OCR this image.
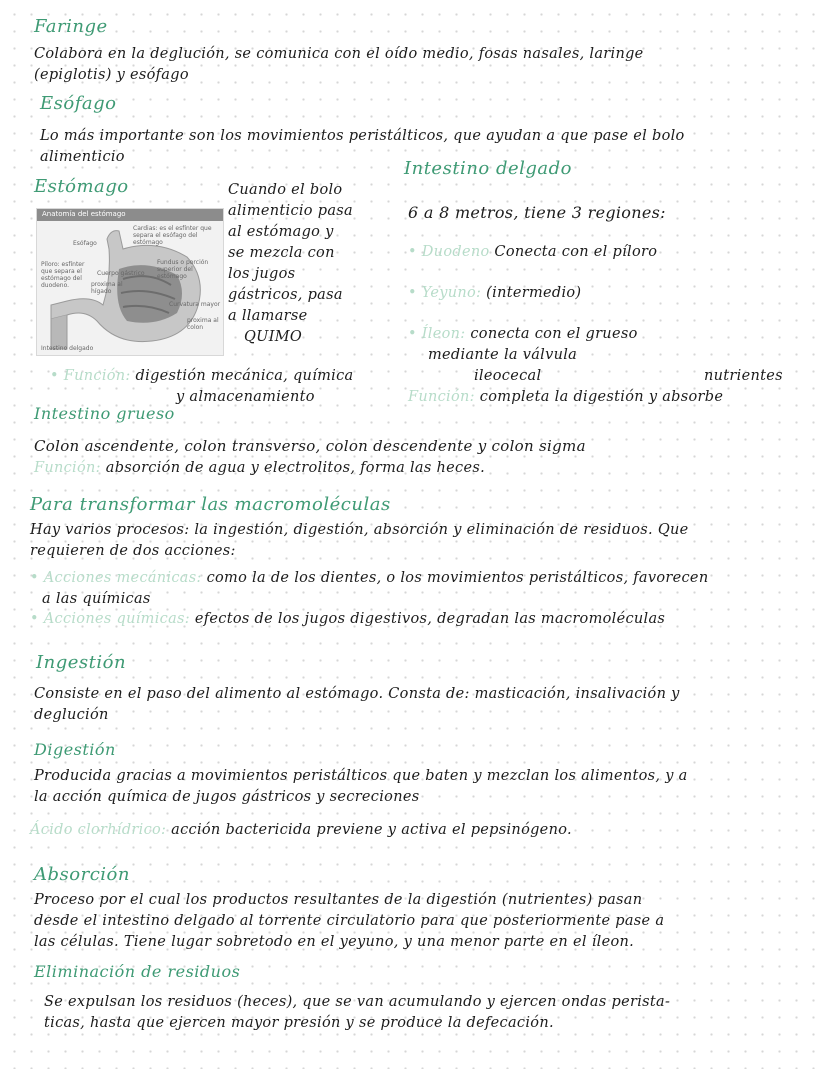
Faringe
Colabora en la deglución, se comunica con el oído medio, fosas nasales, laringe
(epiglotis) y esófago
Esófago
Lo más importante son los movimientos peristálticos, que ayudan a que pase el bolo
alimenticio
Estómago
Anatomía del estómago
Cardias: es el esfínter que separa el esófago del estómago
Esófago
Fundus o porción superior del estómago
Cuerpo gástrico
Píloro: esfínter que separa el estómago del duodeno.	proxima al hígado
proxima al colon
Curvatura mayor
Intestino delgado
Cuando el bolo
alimenticio pasa
al estómago y
se mezcla con
los jugos
gástricos, pasa
a llamarse
QUIMO
• Función: digestión mecánica, química
y almacenamiento
Intestino delgado
6 a 8 metros, tiene 3 regiones:
• Duodeno Conecta con el píloro
• Yeyuno: (intermedio)
• Íleon: conecta con el grueso
mediante la válvula
ileocecal	nutrientes
Función: completa la digestión y absorbe
Intestino grueso
Colon ascendente, colon transverso, colon descendente y colon sigma
Función: absorción de agua y electrolitos, forma las heces.
Para transformar las macromoléculas
Hay varios procesos: la ingestión, digestión, absorción y eliminación de residuos. Que
requieren de dos acciones:
• Acciones mecánicas: como la de los dientes, o los movimientos peristálticos, favorecen
a las químicas
• Acciones químicas: efectos de los jugos digestivos, degradan las macromoléculas
Ingestión
Consiste en el paso del alimento al estómago. Consta de: masticación, insalivación y
deglución
Digestión
Producida gracias a movimientos peristálticos que baten y mezclan los alimentos, y a
la acción química de jugos gástricos y secreciones
Ácido clorhídrico: acción bactericida previene y activa el pepsinógeno.
Absorción
Proceso por el cual los productos resultantes de la digestión (nutrientes) pasan
desde el intestino delgado al torrente circulatorio para que posteriormente pase a
las células. Tiene lugar sobretodo en el yeyuno, y una menor parte en el íleon.
Eliminación de residuos
Se expulsan los residuos (heces), que se van acumulando y ejercen ondas perista-
ticas, hasta que ejercen mayor presión y se produce la defecación.
